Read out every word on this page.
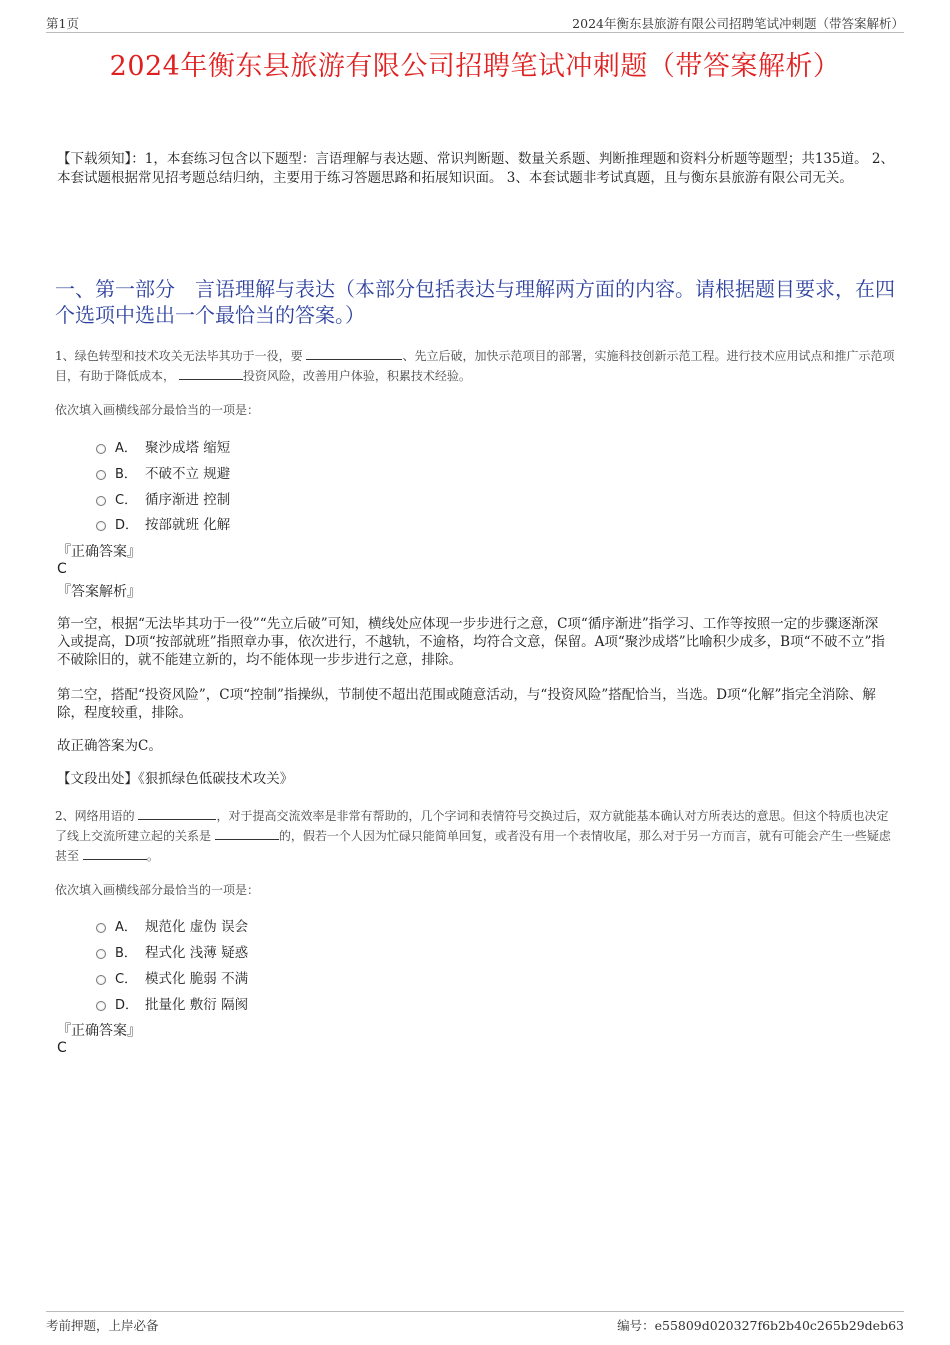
第1页	2024年衡东县旅游有限公司招聘笔试冲刺题（带答案解析）
2024年衡东县旅游有限公司招聘笔试冲刺题（带答案解析）
【下载须知】：1，本套练习包含以下题型：言语理解与表达题、常识判断题、数量关系题、判断推理题和资料分析题等题型；共135道。 2、本套试题根据常见招考题总结归纳，主要用于练习答题思路和拓展知识面。 3、本套试题非考试真题，且与衡东县旅游有限公司无关。
一、第一部分　言语理解与表达（本部分包括表达与理解两方面的内容。请根据题目要求，在四个选项中选出一个最恰当的答案。）
1、绿色转型和技术攻关无法毕其功于一役，要	、先立后破，加快示范项目的部署，实施科技创新示范工程。进行技术应用试点和推广示范项目，有助于降低成本，	投资风险，改善用户体验，积累技术经验。
依次填入画横线部分最恰当的一项是：
A． 聚沙成塔 缩短
B． 不破不立 规避
C． 循序渐进 控制
D． 按部就班 化解
『正确答案』
C
『答案解析』
第一空，根据“无法毕其功于一役”“先立后破”可知，横线处应体现一步步进行之意，C项“循序渐进”指学习、工作等按照一定的步骤逐渐深入或提高，D项“按部就班”指照章办事，依次进行，不越轨，不逾格，均符合文意，保留。A项“聚沙成塔”比喻积少成多，B项“不破不立”指不破除旧的，就不能建立新的，均不能体现一步步进行之意，排除。
第二空，搭配“投资风险”，C项“控制”指操纵，节制使不超出范围或随意活动，与“投资风险”搭配恰当，当选。D项“化解”指完全消除、解除，程度较重，排除。
故正确答案为C。
【文段出处】《狠抓绿色低碳技术攻关》
2、网络用语的	，对于提高交流效率是非常有帮助的，几个字词和表情符号交换过后，双方就能基本确认对方所表达的意思。但这个特质也决定了线上交流所建立起的关系是	的，假若一个人因为忙碌只能简单回复，或者没有用一个表情收尾，那么对于另一方而言，就有可能会产生一些疑虑甚至	。
依次填入画横线部分最恰当的一项是：
A． 规范化 虚伪 误会
B． 程式化 浅薄 疑惑
C． 模式化 脆弱 不满
D． 批量化 敷衍 隔阂
『正确答案』
C
考前押题，上岸必备	编号：e55809d020327f6b2b40c265b29deb63
